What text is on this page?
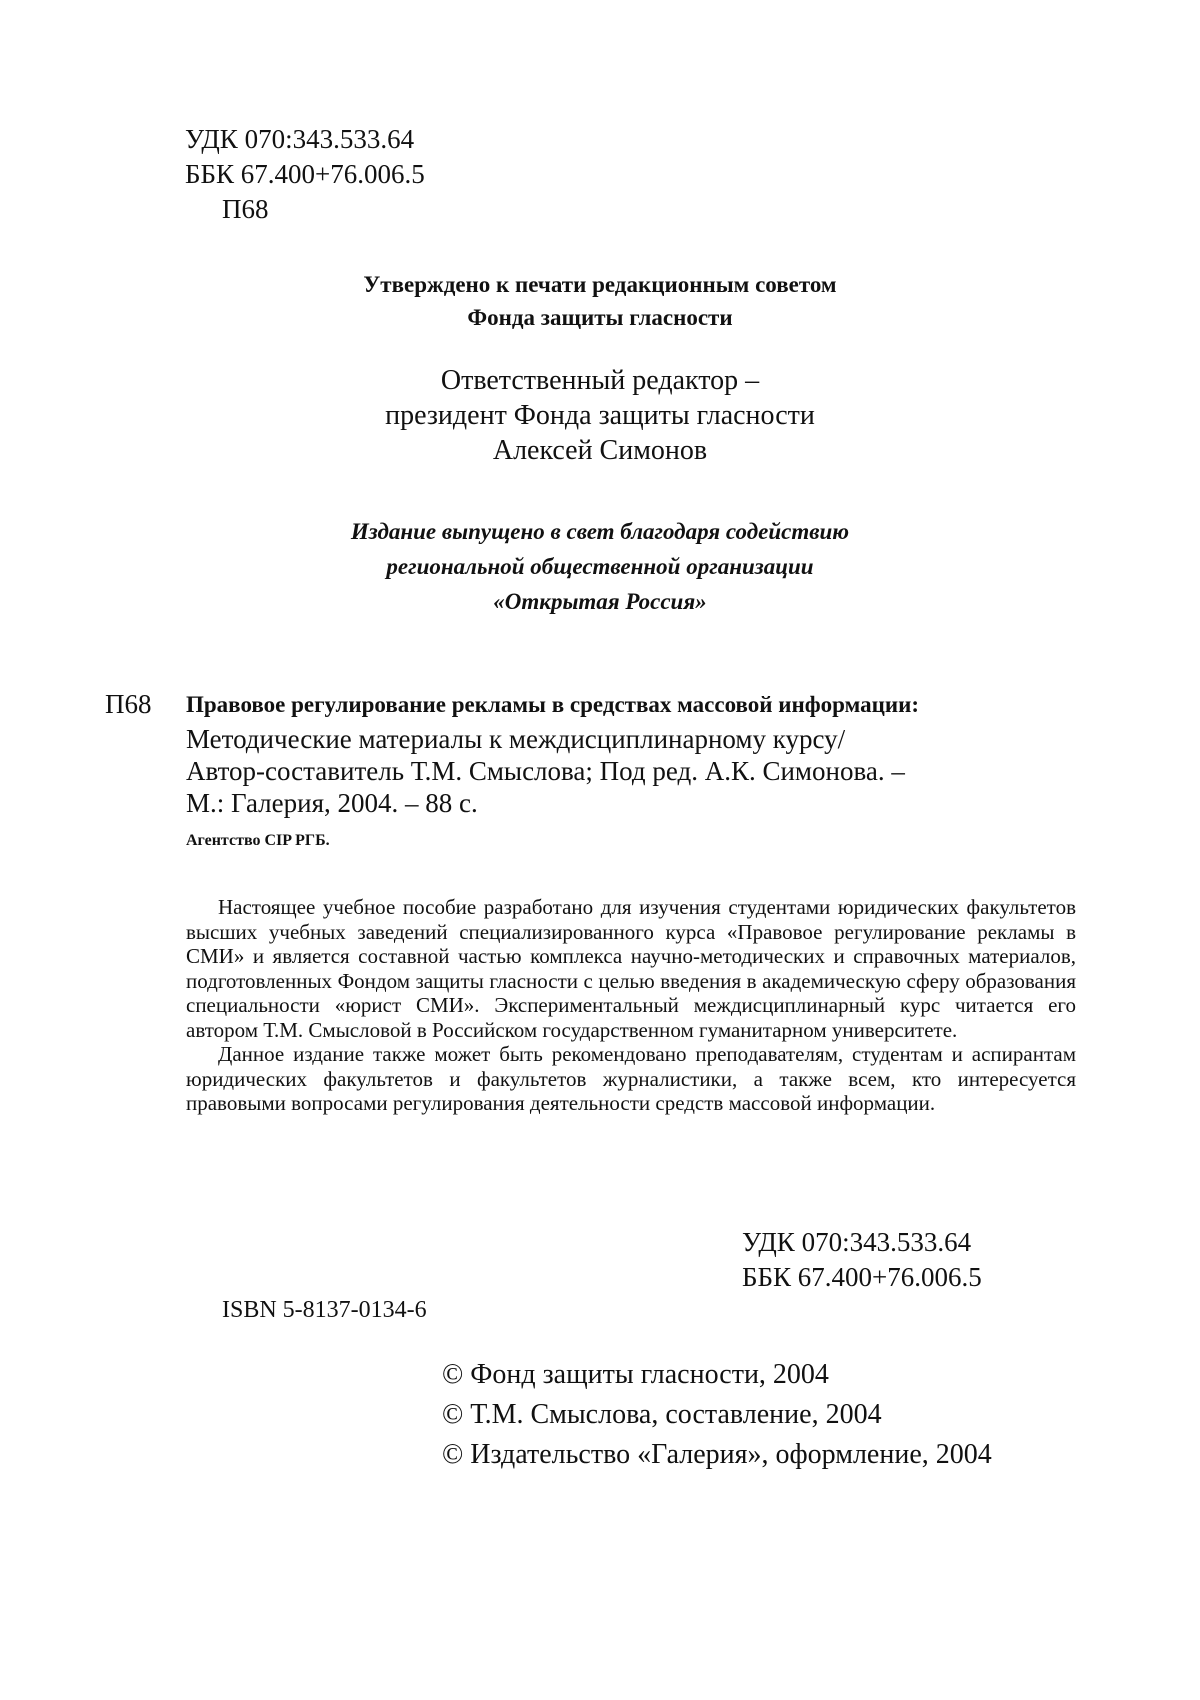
УДК 070:343.533.64
ББК 67.400+76.006.5
П68
Утверждено к печати редакционным советом
Фонда защиты гласности
Ответственный редактор –
президент Фонда защиты гласности
Алексей Симонов
Издание выпущено в свет благодаря содействию
региональной общественной организации
«Открытая Россия»
П68 Правовое регулирование рекламы в средствах массовой информации:
Методические материалы к междисциплинарному курсу/
Автор-составитель Т.М. Смыслова; Под ред. А.К. Симонова. –
М.: Галерия, 2004. – 88 с.
Агентство CIP РГБ.

Настоящее учебное пособие разработано для изучения студентами юридических факультетов высших учебных заведений специализированного курса «Правовое регулирование рекламы в СМИ» и является составной частью комплекса научно-методических и справочных материалов, подготовленных Фондом защиты гласности с целью введения в академическую сферу образования специальности «юрист СМИ». Экспериментальный междисциплинарный курс читается его автором Т.М. Смысловой в Российском государственном гуманитарном университете.

Данное издание также может быть рекомендовано преподавателям, студентам и аспирантам юридических факультетов и факультетов журналистики, а также всем, кто интересуется правовыми вопросами регулирования деятельности средств массовой информации.

УДК 070:343.533.64
ББК 67.400+76.006.5
ISBN 5-8137-0134-6
© Фонд защиты гласности, 2004
© Т.М. Смыслова, составление, 2004
© Издательство «Галерия», оформление, 2004
